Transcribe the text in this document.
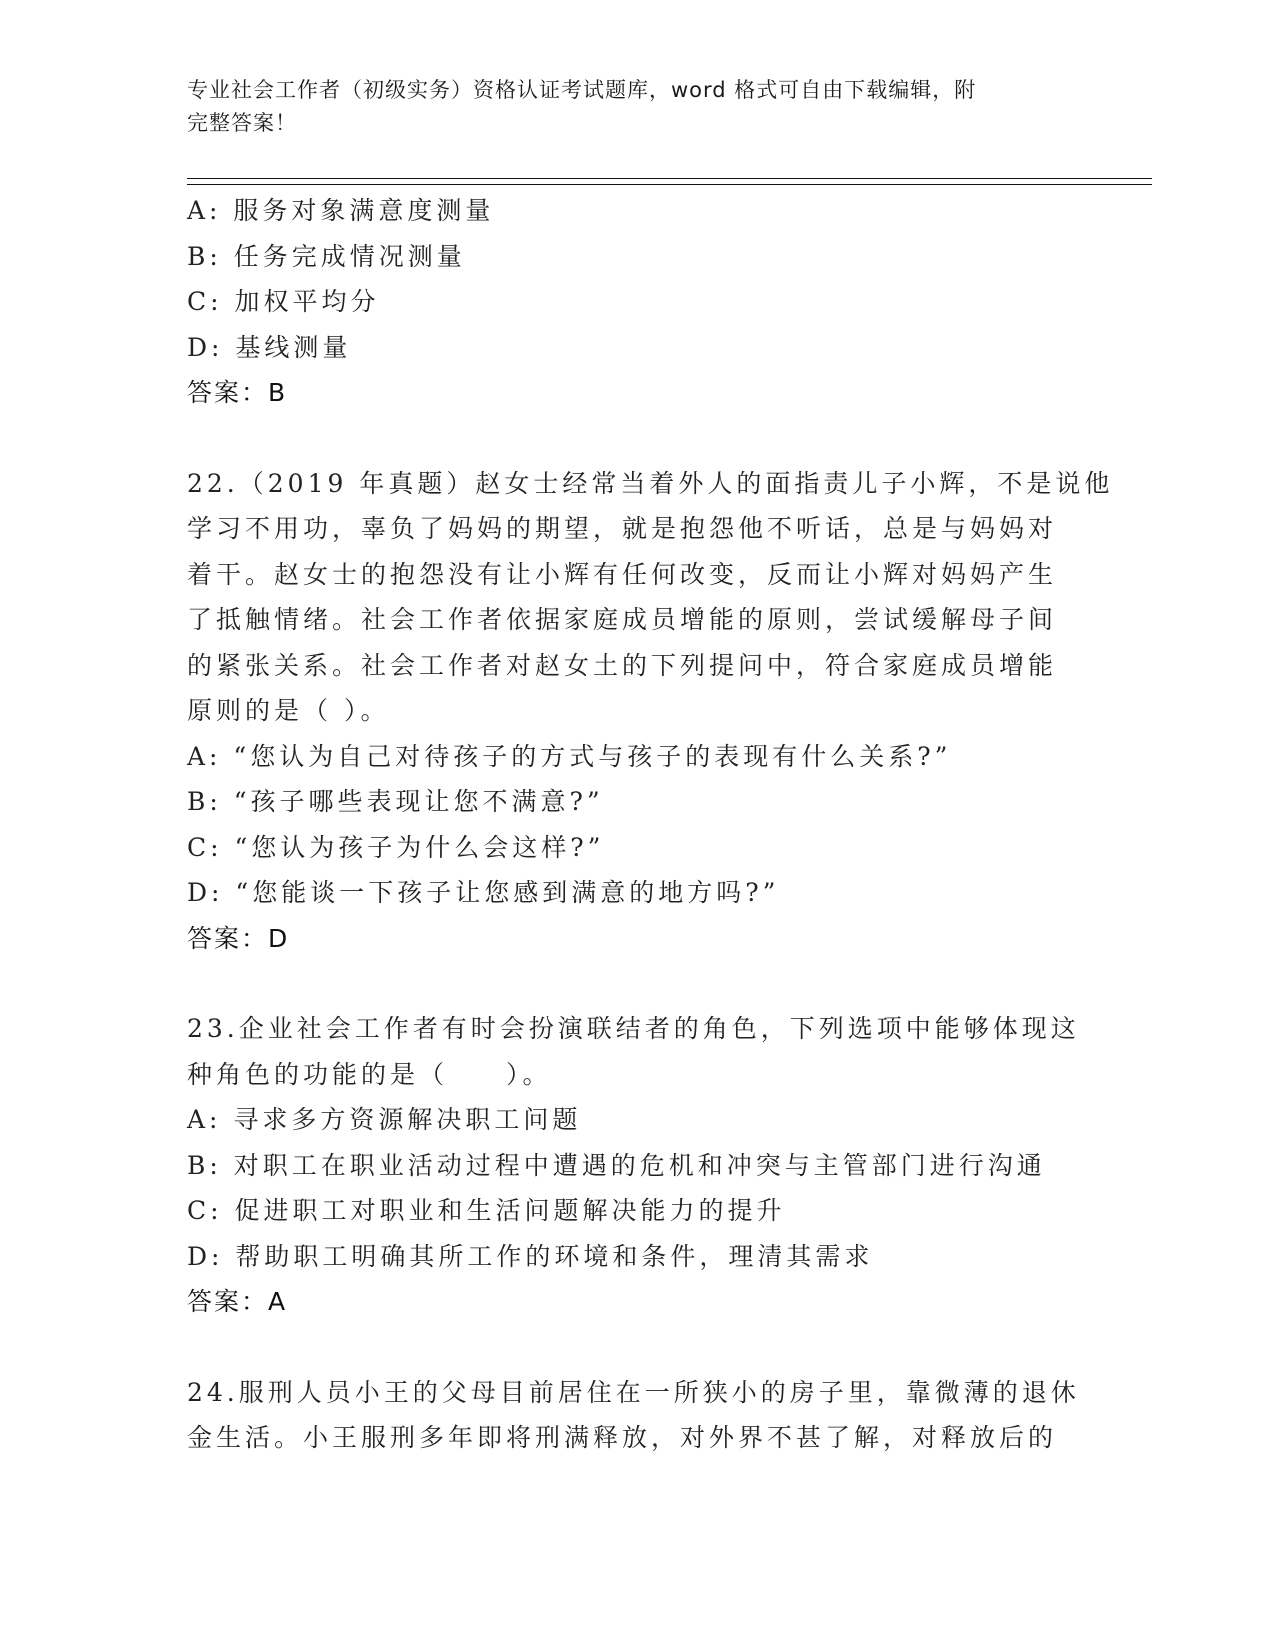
专业社会工作者（初级实务）资格认证考试题库，word 格式可自由下载编辑，附
完整答案！
A: 服务对象满意度测量
B: 任务完成情况测量
C: 加权平均分
D: 基线测量
答案：B
22.（2019 年真题）赵女士经常当着外人的面指责儿子小辉，不是说他
学习不用功，辜负了妈妈的期望，就是抱怨他不听话，总是与妈妈对
着干。赵女士的抱怨没有让小辉有任何改变，反而让小辉对妈妈产生
了抵触情绪。社会工作者依据家庭成员增能的原则，尝试缓解母子间
的紧张关系。社会工作者对赵女土的下列提问中，符合家庭成员增能
原则的是（ ）。
A: “您认为自己对待孩子的方式与孩子的表现有什么关系?”
B: “孩子哪些表现让您不满意?”
C: “您认为孩子为什么会这样?”
D: “您能谈一下孩子让您感到满意的地方吗?”
答案：D
23.企业社会工作者有时会扮演联结者的角色，下列选项中能够体现这
种角色的功能的是（　　）。
A: 寻求多方资源解决职工问题
B: 对职工在职业活动过程中遭遇的危机和冲突与主管部门进行沟通
C: 促进职工对职业和生活问题解决能力的提升
D: 帮助职工明确其所工作的环境和条件，理清其需求
答案：A
24.服刑人员小王的父母目前居住在一所狭小的房子里，靠微薄的退休
金生活。小王服刑多年即将刑满释放，对外界不甚了解，对释放后的
